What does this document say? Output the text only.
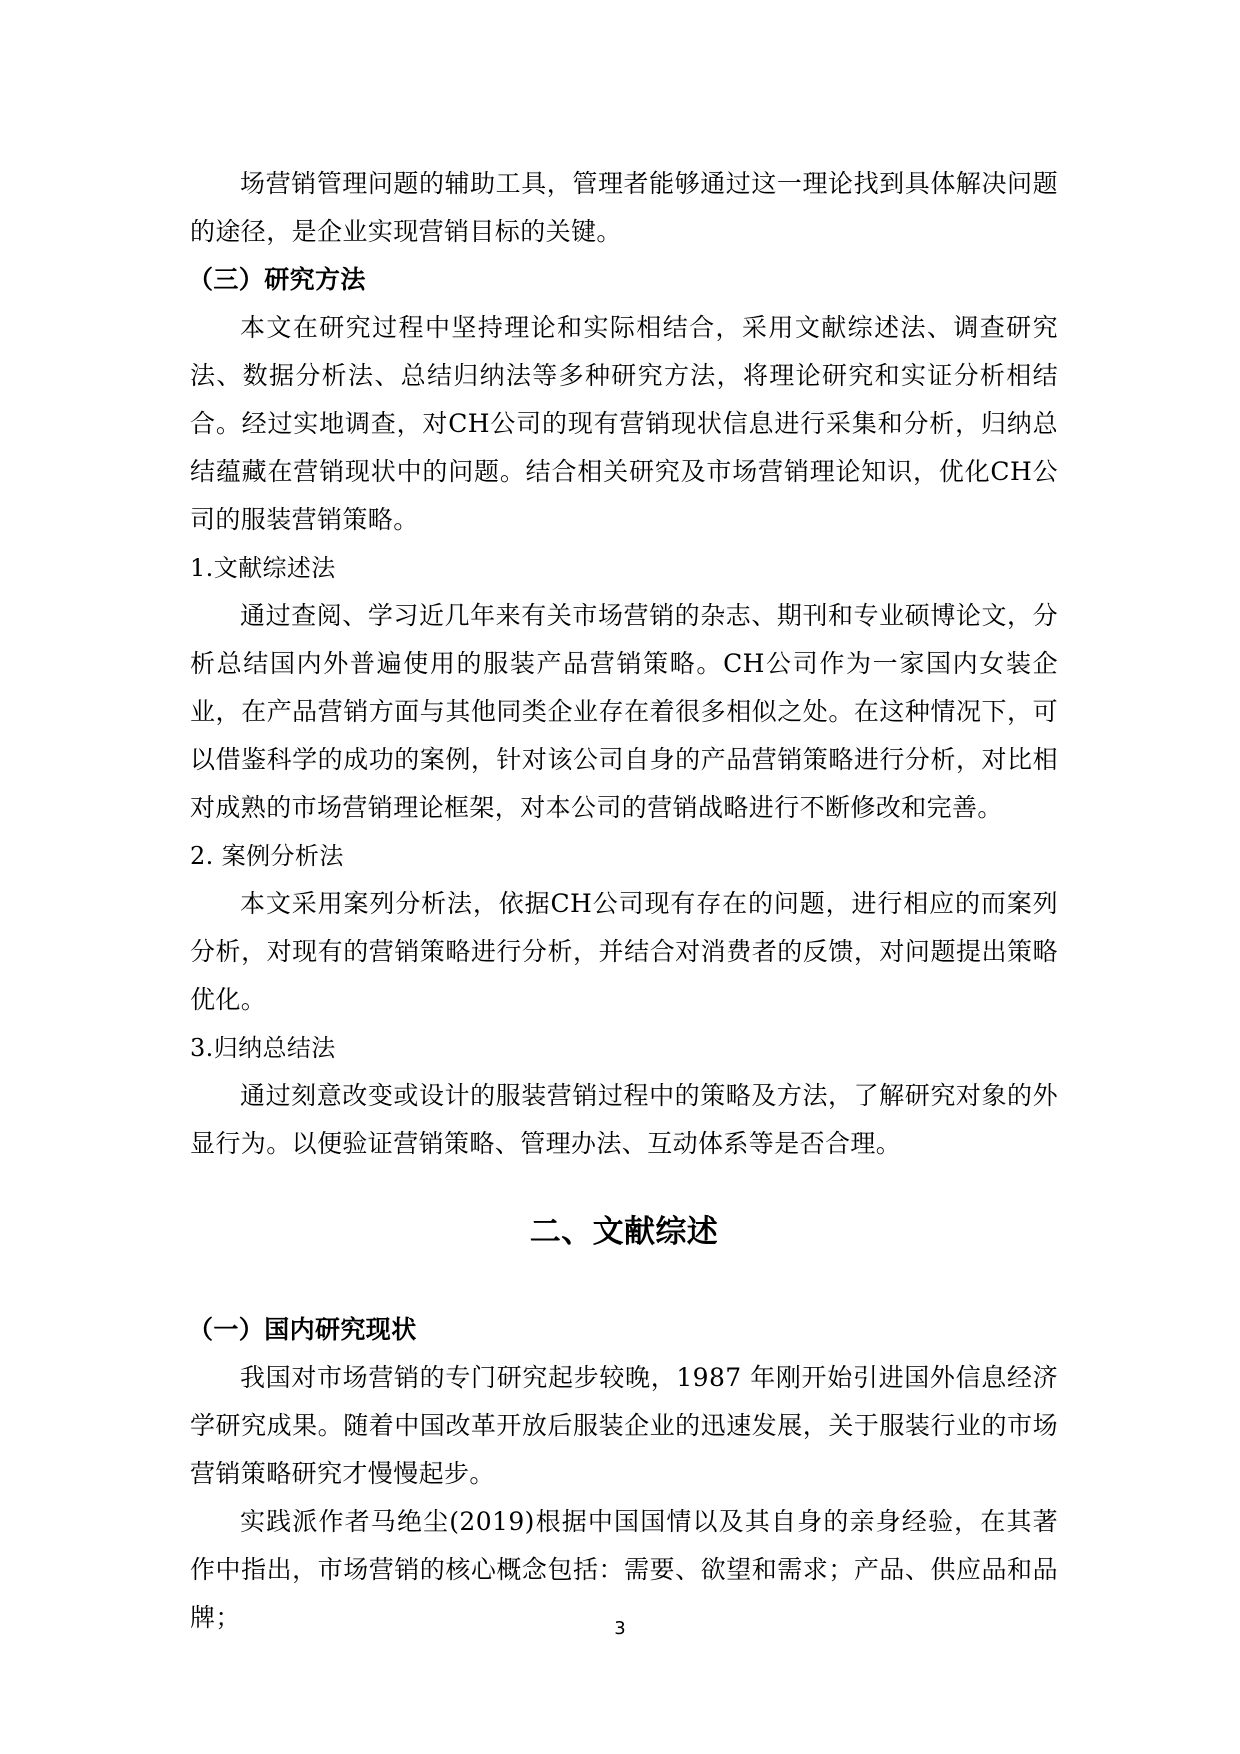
场营销管理问题的辅助工具，管理者能够通过这一理论找到具体解决问题的途径，是企业实现营销目标的关键。

（三）研究方法

本文在研究过程中坚持理论和实际相结合，采用文献综述法、调查研究法、数据分析法、总结归纳法等多种研究方法，将理论研究和实证分析相结合。经过实地调查，对CH公司的现有营销现状信息进行采集和分析，归纳总结蕴藏在营销现状中的问题。结合相关研究及市场营销理论知识，优化CH公司的服装营销策略。

1.文献综述法

通过查阅、学习近几年来有关市场营销的杂志、期刊和专业硕博论文，分析总结国内外普遍使用的服装产品营销策略。CH公司作为一家国内女装企业，在产品营销方面与其他同类企业存在着很多相似之处。在这种情况下，可以借鉴科学的成功的案例，针对该公司自身的产品营销策略进行分析，对比相对成熟的市场营销理论框架，对本公司的营销战略进行不断修改和完善。

2. 案例分析法

本文采用案列分析法，依据CH公司现有存在的问题，进行相应的而案列分析，对现有的营销策略进行分析，并结合对消费者的反馈，对问题提出策略优化。

3.归纳总结法

通过刻意改变或设计的服装营销过程中的策略及方法，了解研究对象的外显行为。以便验证营销策略、管理办法、互动体系等是否合理。

二、文献综述

（一）国内研究现状

我国对市场营销的专门研究起步较晚，1987 年刚开始引进国外信息经济学研究成果。随着中国改革开放后服装企业的迅速发展，关于服装行业的市场营销策略研究才慢慢起步。

实践派作者马绝尘(2019)根据中国国情以及其自身的亲身经验，在其著作中指出，市场营销的核心概念包括：需要、欲望和需求；产品、供应品和品牌；	3
